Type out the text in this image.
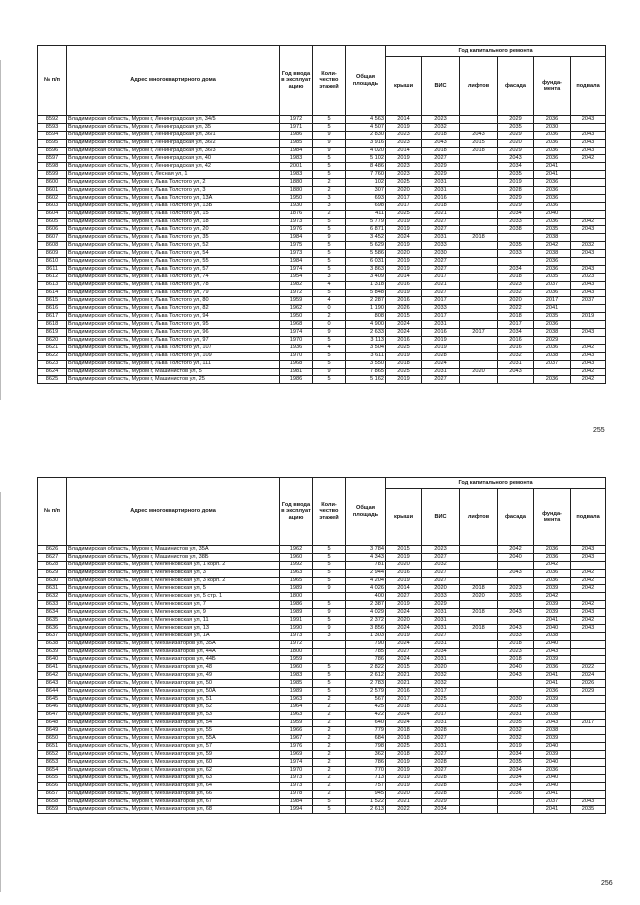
№ п/п	Адрес многоквартирного дома	Год ввода в эксплуат ацию	Коли-чество этажей	Общая площадь	Год капитального ремонта					
					крыши	ВИС	лифтов	фасада	фунда-мента	подвала
8592	Владимирская область, Муром г, Ленинградская ул, 34/5	1972	5	4 563	2014	2023		2029	2036	2043
8593	Владимирская область, Муром г, Ленинградская ул, 35	1971	5	4 507	2019	2032		2035	2030	
8594	Владимирская область, Муром г, Ленинградская ул, 36/1	1986	9	2 830	2023	2018	2043	2029	2036	2043
8595	Владимирская область, Муром г, Ленинградская ул, 36/2	1985	9	3 916	2023	2043	2015	2020	2036	2043
8596	Владимирская область, Муром г, Ленинградская ул, 36/3	1984	9	4 020	2014	2018	2018	2029	2036	2043
8597	Владимирская область, Муром г, Ленинградская ул, 40	1983	5	5 102	2019	2027		2043	2036	2042
8598	Владимирская область, Муром г, Ленинградская ул, 42	2001	5	8 486	2023	2029		2034	2041	
8599	Владимирская область, Муром г, Лесная ул, 1	1983	5	7 760	2023	2029		2035	2041	
8600	Владимирская область, Муром г, Льва Толстого ул, 2	1880	2	102	2025	2031		2019	2036	
8601	Владимирская область, Муром г, Льва Толстого ул, 3	1880	2	307	2020	2031		2028	2036	
8602	Владимирская область, Муром г, Льва Толстого ул, 13А	1950	3	693	2017	2016		2029	2036	
8603	Владимирская область, Муром г, Льва Толстого ул, 13Б	1930	3	698	2017	2018		2029	2036	
8604	Владимирская область, Муром г, Льва Толстого ул, 15	1876	2	411	2025	2021		2034	2040	
8605	Владимирская область, Муром г, Льва Толстого ул, 18	1973	5	5 779	2019	2027		2033	2036	2042
8606	Владимирская область, Муром г, Льва Толстого ул, 20	1976	5	6 871	2019	2027		2038	2035	2043
8607	Владимирская область, Муром г, Льва Толстого ул, 35	1984	9	3 452	2024	2031	2018		2038	
8608	Владимирская область, Муром г, Льва Толстого ул, 52	1975	5	5 629	2019	2033		2035	2042	2032
8609	Владимирская область, Муром г, Льва Толстого ул, 54	1973	5	5 586	2020	2030		2033	2038	2043
8610	Владимирская область, Муром г, Льва Толстого ул, 55	1984	5	6 031	2019	2027			2036	
8611	Владимирская область, Муром г, Льва Толстого ул, 57	1974	5	3 863	2019	2027		2034	2036	2043
8612	Владимирская область, Муром г, Льва Толстого ул, 74	1954	3	3 409	2014	2017		2018	2035	2023
8613	Владимирская область, Муром г, Льва Толстого ул, 78	1982	4	1 318	2016	2021		2023	2037	2043
8614	Владимирская область, Муром г, Льва Толстого ул, 79	1972	5	5 848	2019	2027		2032	2036	2043
8615	Владимирская область, Муром г, Льва Толстого ул, 80	1959	4	2 287	2016	2017		2020	2017	2037
8616	Владимирская область, Муром г, Льва Толстого ул, 82	1962	0	1 190	2026	2033		2022	2041	
8617	Владимирская область, Муром г, Льва Толстого ул, 94	1950	2	808	2015	2017		2018	2035	2019
8618	Владимирская область, Муром г, Льва Толстого ул, 95	1968	0	4 900	2024	2031		2017	2036	
8619	Владимирская область, Муром г, Льва Толстого ул, 96	1974	9	2 633	2024	2016	2017	2034	2038	2043
8620	Владимирская область, Муром г, Льва Толстого ул, 97	1970	5	3 113	2016	2019		2016	2029	
8621	Владимирская область, Муром г, Льва Толстого ул, 107	1936	4	3 504	2025	2019		2016	2036	2042
8622	Владимирская область, Муром г, Льва Толстого ул, 109	1970	5	3 611	2019	2028		2032	2038	2043
8623	Владимирская область, Муром г, Льва Толстого ул, 111	1968	5	3 550	2018	2024		2031	2037	2043
8624	Владимирская область, Муром г, Машинистов ул, 5	1981	9	7 865	2025	2031	2020	2043		2042
8625	Владимирская область, Муром г, Машинистов ул, 25	1986	5	5 162	2019	2027			2036	2042
255
№ п/п	Адрес многоквартирного дома	Год ввода в эксплуат ацию	Коли-чество этажей	Общая площадь	Год капитального ремонта					
					крыши	ВИС	лифтов	фасада	фунда-мента	подвала
8626	Владимирская область, Муром г, Машинистов ул, 35А	1962	5	3 784	2015	2023		2042	2036	2043
8627	Владимирская область, Муром г, Машинистов ул, 38Б	1960	5	4 343	2019	2027		2040	2036	2043
8628	Владимирская область, Муром г, Меленковская ул, 1 корп. 2	1992	5	781	2020	2032			2042	
8629	Владимирская область, Муром г, Меленковская ул, 3	1963	5	2 944	2016	2027		2043	2036	2042
8630	Владимирская область, Муром г, Меленковская ул, 3 корп. 2	1965	5	4 204	2019	2027			2036	2042
8631	Владимирская область, Муром г, Меленковская ул, 5	1989	9	4 026	2014	2020	2018	2023	2039	2042
8632	Владимирская область, Муром г, Меленковская ул, 5 стр. 1	1800		400	2027	2033	2020	2035	2042	
8633	Владимирская область, Муром г, Меленковская ул, 7	1986	5	2 387	2019	2029			2039	2042
8634	Владимирская область, Муром г, Меленковская ул, 9	1989	9	4 029	2024	2031	2018	2043	2039	2043
8635	Владимирская область, Муром г, Меленковская ул, 11	1991	5	2 372	2020	2031			2041	2042
8636	Владимирская область, Муром г, Меленковская ул, 13	1990	9	3 856	2024	2031	2018	2043	2040	2043
8637	Владимирская область, Муром г, Меленковская ул, 1А	1973	3	1 303	2019	2027		2033	2038	
8638	Владимирская область, Муром г, Механизаторов ул, 35А	1972		790	2024	2031		2018	2040	
8639	Владимирская область, Муром г, Механизаторов ул, 44А	1800		785	2027	2034		2023	2043	
8640	Владимирская область, Муром г, Механизаторов ул, 44Б	1959		786	2024	2031		2018	2039	
8641	Владимирская область, Муром г, Механизаторов ул, 48	1960	5	2 822	2015	2020		2040	2036	2022
8642	Владимирская область, Муром г, Механизаторов ул, 49	1983	5	2 612	2021	2032		2043	2041	2024
8643	Владимирская область, Муром г, Механизаторов ул, 50	1985	5	2 783	2021	2032			2041	2026
8644	Владимирская область, Муром г, Механизаторов ул, 50А	1989	5	2 579	2016	2017			2036	2029
8645	Владимирская область, Муром г, Механизаторов ул, 51	1963	2	567	2017	2025		2030	2039	
8646	Владимирская область, Муром г, Механизаторов ул, 52	1964	2	425	2018	2031		2025	2038	
8647	Владимирская область, Муром г, Механизаторов ул, 53	1963	2	422	2024	2017		2031	2038	
8648	Владимирская область, Муром г, Механизаторов ул, 54	1959	2	640	2024	2031		2035	2043	2017
8649	Владимирская область, Муром г, Механизаторов ул, 55	1966	2	779	2018	2028		2032	2038	
8650	Владимирская область, Муром г, Механизаторов ул, 55А	1967	2	684	2018	2027		2032	2039	
8651	Владимирская область, Муром г, Механизаторов ул, 57	1976	2	798	2025	2031		2019	2040	
8652	Владимирская область, Муром г, Механизаторов ул, 59	1969	2	362	2018	2027		2034	2039	
8653	Владимирская область, Муром г, Механизаторов ул, 60	1974	2	786	2019	2028		2035	2040	
8654	Владимирская область, Муром г, Механизаторов ул, 62	1970	2	770	2019	2027		2034	2036	
8655	Владимирская область, Муром г, Механизаторов ул, 63	1973	2	713	2019	2028		2034	2040	
8656	Владимирская область, Муром г, Механизаторов ул, 64	1973	2	757	2019	2028		2034	2040	
8657	Владимирская область, Муром г, Механизаторов ул, 66	1978	2	945	2020	2028		2036	2041	
8658	Владимирская область, Муром г, Механизаторов ул, 67	1984	5	1 522	2021	2029			2037	2043
8659	Владимирская область, Муром г, Механизаторов ул, 68	1994	5	2 613	2022	2034			2041	2035
256
